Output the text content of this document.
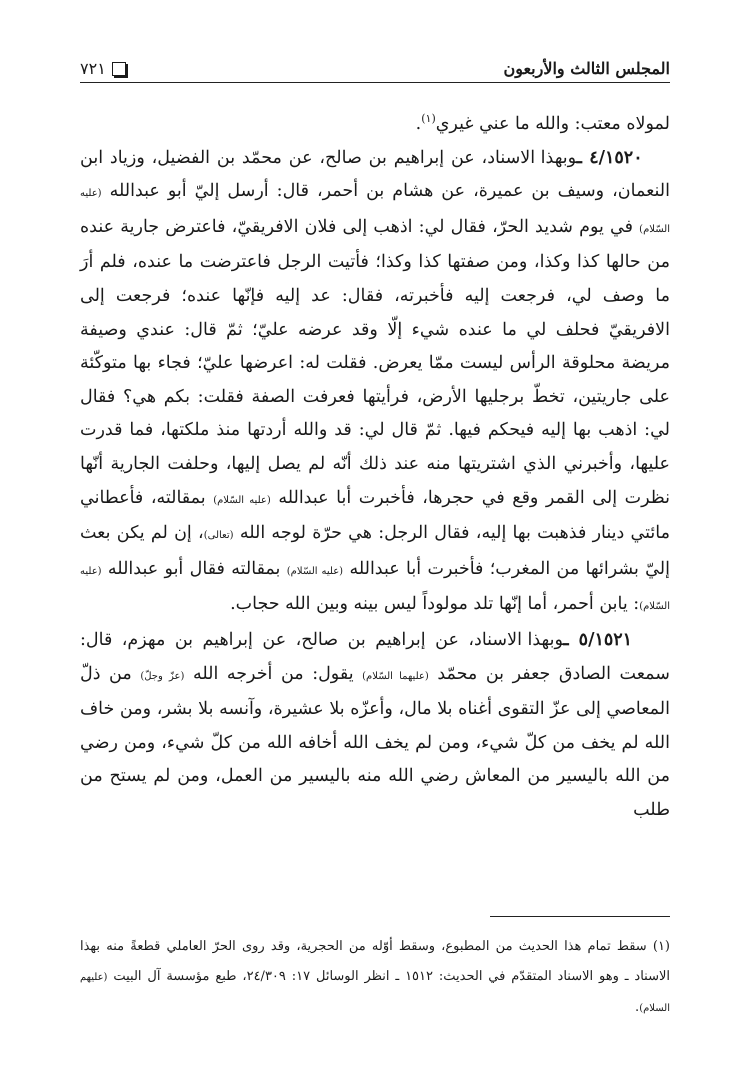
المجلس الثالث والأربعون
٧٢١

لمولاه معتب: والله ما عني غيري$^{(١)}$.

٤/١٥٢٠ ـوبهذا الاسناد، عن إبراهيم بن صالح، عن محمّد بن الفضيل، وزياد ابن النعمان، وسيف بن عميرة، عن هشام بن أحمر، قال: أرسل إليّ أبو عبدالله (عليه السّلام) في يوم شديد الحرّ، فقال لي: اذهب إلى فلان الافريقيّ، فاعترض جارية عنده من حالها كذا وكذا، ومن صفتها كذا وكذا؛ فأتيت الرجل فاعترضت ما عنده، فلم أرَ ما وصف لي، فرجعت إليه فأخبرته، فقال: عد إليه فإنّها عنده؛ فرجعت إلى الافريقيّ فحلف لي ما عنده شيء إلّا وقد عرضه عليّ؛ ثمّ قال: عندي وصيفة مريضة محلوقة الرأس ليست ممّا يعرض. فقلت له: اعرضها عليّ؛ فجاء بها متوكّئة على جاريتين، تخطّ برجليها الأرض، فرأيتها فعرفت الصفة فقلت: بكم هي؟ فقال لي: اذهب بها إليه فيحكم فيها. ثمّ قال لي: قد والله أردتها منذ ملكتها، فما قدرت عليها، وأخبرني الذي اشتريتها منه عند ذلك أنّه لم يصل إليها، وحلفت الجارية أنّها نظرت إلى القمر وقع في حجرها، فأخبرت أبا عبدالله (عليه السّلام) بمقالته، فأعطاني مائتي دينار فذهبت بها إليه، فقال الرجل: هي حرّة لوجه الله (تعالى)، إن لم يكن بعث إليّ بشرائها من المغرب؛ فأخبرت أبا عبدالله (عليه السّلام) بمقالته فقال أبو عبدالله (عليه السّلام): يابن أحمر، أما إنّها تلد مولوداً ليس بينه وبين الله حجاب.

٥/١٥٢١ ـوبهذا الاسناد، عن إبراهيم بن صالح، عن إبراهيم بن مهزم، قال: سمعت الصادق جعفر بن محمّد (عليهما السّلام) يقول: من أخرجه الله (عزّ وجلّ) من ذلّ المعاصي إلى عزّ التقوى أغناه بلا مال، وأعزّه بلا عشيرة، وآنسه بلا بشر، ومن خاف الله لم يخف من كلّ شيء، ومن لم يخف الله أخافه الله من كلّ شيء، ومن رضي من الله باليسير من المعاش رضي الله منه باليسير من العمل، ومن لم يستح من طلب

(١) سقط تمام هذا الحديث من المطبوع، وسقط أوّله من الحجرية، وقد روى الحرّ العاملي قطعةً منه بهذا الاسناد ـ وهو الاسناد المتقدّم في الحديث: ١٥١٢ ـ انظر الوسائل ١٧: ٢٤/٣٠٩، طبع مؤسسة آل البيت (عليهم السلام).
